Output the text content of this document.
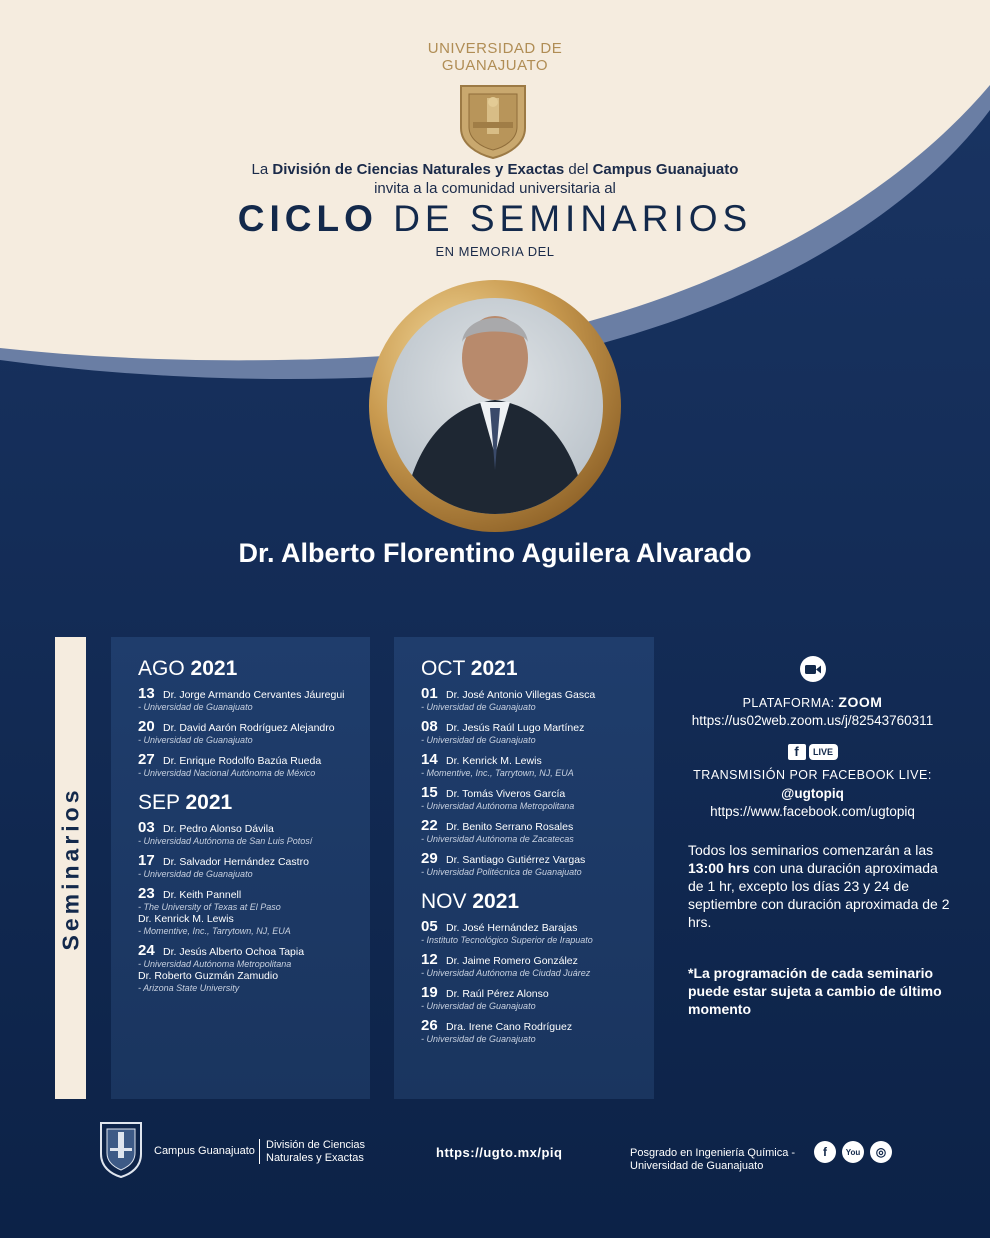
UNIVERSIDAD DE
GUANAJUATO
La División de Ciencias Naturales y Exactas del Campus Guanajuato
invita a la comunidad universitaria al
CICLO DE SEMINARIOS
EN MEMORIA DEL
Dr. Alberto Florentino Aguilera Alvarado
Seminarios
AGO 2021
13 Dr. Jorge Armando Cervantes Jáuregui
- Universidad de Guanajuato
20 Dr. David Aarón Rodríguez Alejandro
- Universidad de Guanajuato
27 Dr. Enrique Rodolfo Bazúa Rueda
- Universidad Nacional Autónoma de México
SEP 2021
03 Dr. Pedro Alonso Dávila
- Universidad Autónoma de San Luis Potosí
17 Dr. Salvador Hernández Castro
- Universidad de Guanajuato
23 Dr. Keith Pannell
- The University of Texas at El Paso
Dr. Kenrick M. Lewis
- Momentive, Inc., Tarrytown, NJ, EUA
24 Dr. Jesús Alberto Ochoa Tapia
- Universidad Autónoma Metropolitana
Dr. Roberto Guzmán Zamudio
- Arizona State University
OCT 2021
01 Dr. José Antonio Villegas Gasca
- Universidad de Guanajuato
08 Dr. Jesús Raúl Lugo Martínez
- Universidad de Guanajuato
14 Dr. Kenrick M. Lewis
- Momentive, Inc., Tarrytown, NJ, EUA
15 Dr. Tomás Viveros García
- Universidad Autónoma Metropolitana
22 Dr. Benito Serrano Rosales
- Universidad Autónoma de Zacatecas
29 Dr. Santiago Gutiérrez Vargas
- Universidad Politécnica de Guanajuato
NOV 2021
05 Dr. José Hernández Barajas
- Instituto Tecnológico Superior de Irapuato
12 Dr. Jaime Romero González
- Universidad Autónoma de Ciudad Juárez
19 Dr. Raúl Pérez Alonso
- Universidad de Guanajuato
26 Dra. Irene Cano Rodríguez
- Universidad de Guanajuato
PLATAFORMA: ZOOM
https://us02web.zoom.us/j/82543760311
f	LIVE
TRANSMISIÓN POR FACEBOOK LIVE:
@ugtopiq
https://www.facebook.com/ugtopiq
Todos los seminarios comenzarán a las 13:00 hrs con una duración aproximada de 1 hr, excepto los días 23 y 24 de septiembre con duración aproximada de 2 hrs.
*La programación de cada seminario puede estar sujeta a cambio de último momento
Campus Guanajuato División de Ciencias
Naturales y Exactas	https://ugto.mx/piq	Posgrado en Ingeniería Química -
Universidad de Guanajuato
f	You	◎
